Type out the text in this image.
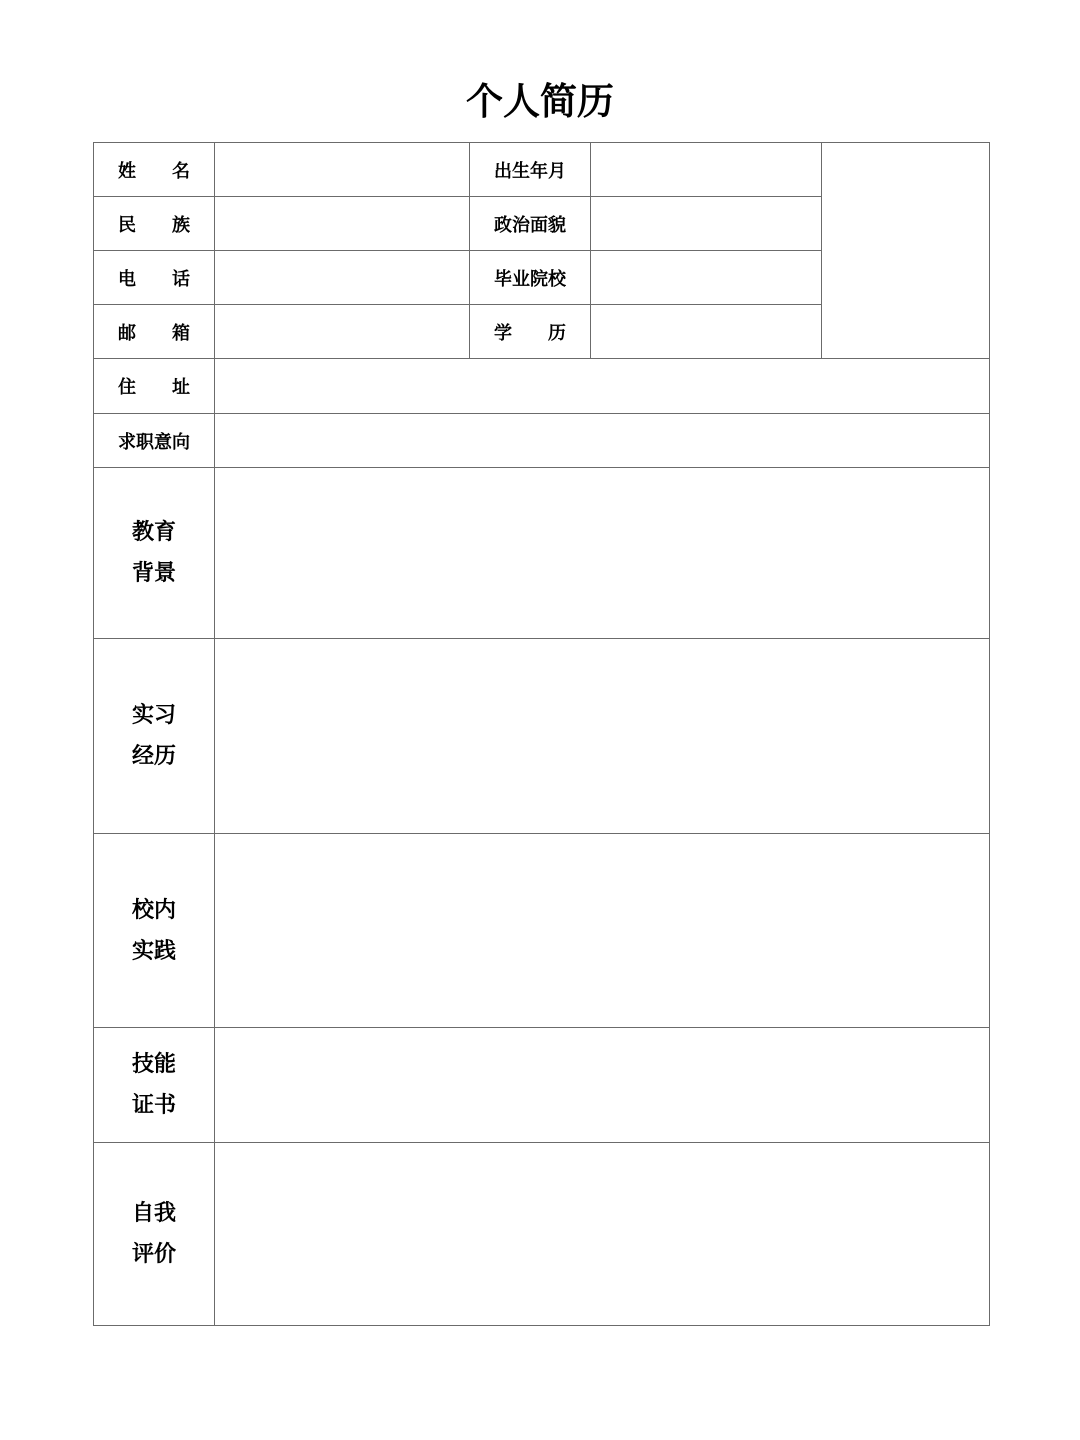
个人简历
姓 名		出生年月		

民 族		政治面貌		

电 话		毕业院校		

邮 箱		学 历		

住 址				

求职意向				

教育
背景				

实习
经历				

校内
实践				

技能
证书				

自我
评价				
